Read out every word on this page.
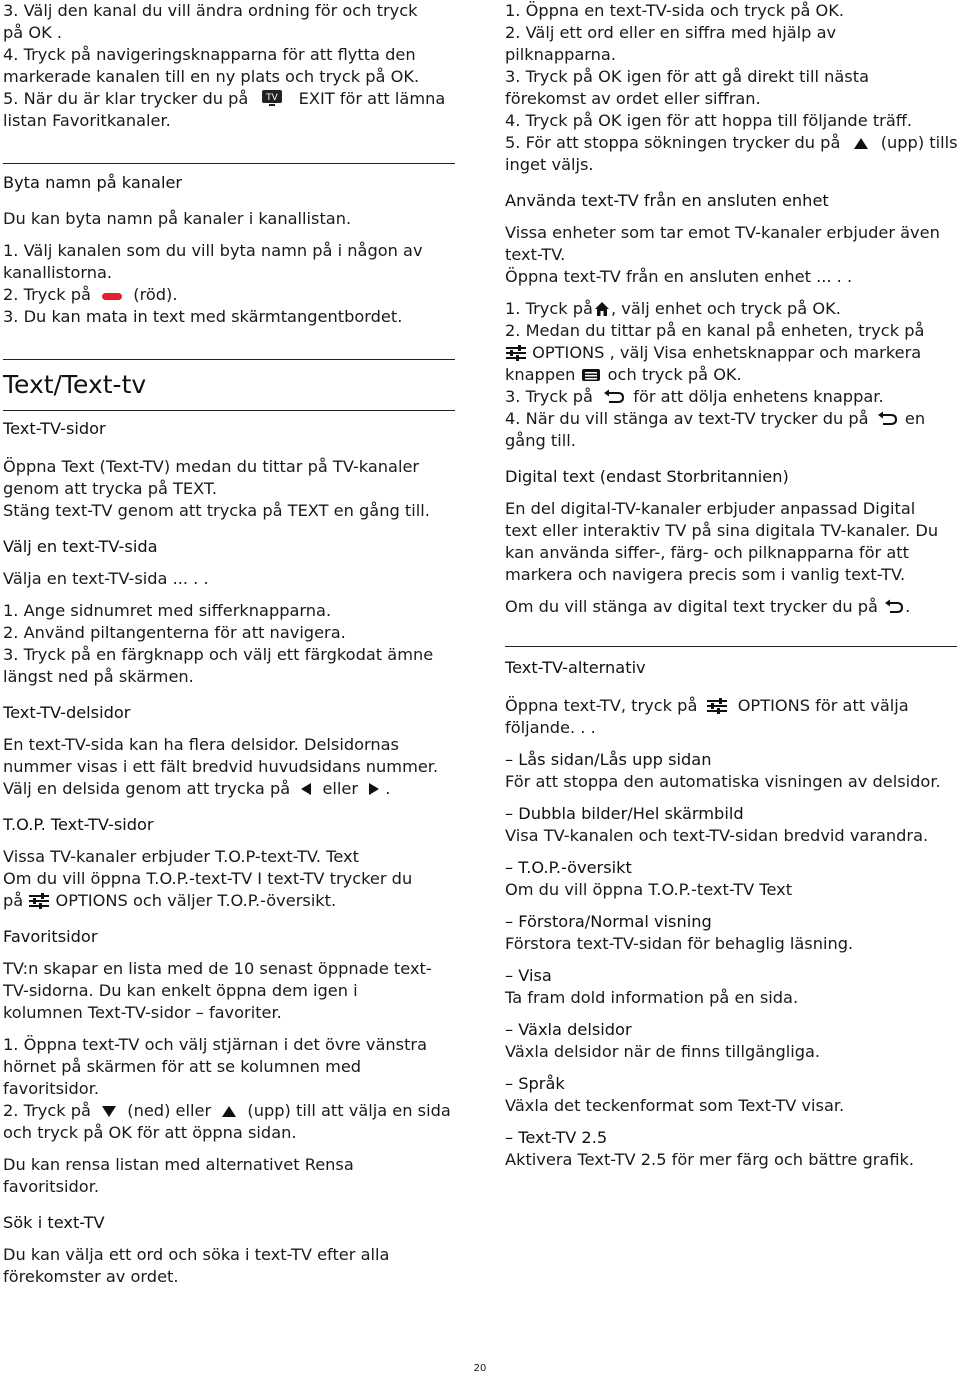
3. Välj den kanal du vill ändra ordning för och tryck
på OK .
4. Tryck på navigeringsknapparna för att flytta den
markerade kanalen till en ny plats och tryck på OK.
5. När du är klar trycker du på TV EXIT för att lämna
listan Favoritkanaler.
Byta namn på kanaler
Du kan byta namn på kanaler i kanallistan.
1. Välj kanalen som du vill byta namn på i någon av
kanallistorna.
2. Tryck på	(röd).
3. Du kan mata in text med skärmtangentbordet.
Text/Text-tv
Text-TV-sidor
Öppna Text (Text-TV) medan du tittar på TV-kanaler
genom att trycka på TEXT.
Stäng text-TV genom att trycka på TEXT en gång till.
Välj en text-TV-sida
Välja en text-TV-sida ... . .
1. Ange sidnumret med sifferknapparna.
2. Använd piltangenterna för att navigera.
3. Tryck på en färgknapp och välj ett färgkodat ämne
längst ned på skärmen.
Text-TV-delsidor
En text-TV-sida kan ha flera delsidor. Delsidornas
nummer visas i ett fält bredvid huvudsidans nummer.
Välj en delsida genom att trycka på eller .
T.O.P. Text-TV-sidor
Vissa TV-kanaler erbjuder T.O.P-text-TV. Text
Om du vill öppna T.O.P.-text-TV I text-TV trycker du
på OPTIONS och väljer T.O.P.-översikt.
Favoritsidor
TV:n skapar en lista med de 10 senast öppnade text-
TV-sidorna. Du kan enkelt öppna dem igen i
kolumnen Text-TV-sidor – favoriter.
1. Öppna text-TV och välj stjärnan i det övre vänstra
hörnet på skärmen för att se kolumnen med
favoritsidor.
2. Tryck på (ned) eller (upp) till att välja en sida
och tryck på OK för att öppna sidan.
Du kan rensa listan med alternativet Rensa
favoritsidor.
Sök i text-TV
Du kan välja ett ord och söka i text-TV efter alla
förekomster av ordet.
1. Öppna en text-TV-sida och tryck på OK.
2. Välj ett ord eller en siffra med hjälp av
pilknapparna.
3. Tryck på OK igen för att gå direkt till nästa
förekomst av ordet eller siffran.
4. Tryck på OK igen för att hoppa till följande träff.
5. För att stoppa sökningen trycker du på (upp) tills
inget väljs.
Använda text-TV från en ansluten enhet
Vissa enheter som tar emot TV-kanaler erbjuder även
text-TV.
Öppna text-TV från en ansluten enhet ... . .
1. Tryck på , välj enhet och tryck på OK.
2. Medan du tittar på en kanal på enheten, tryck på
OPTIONS , välj Visa enhetsknappar och markera
knappen och tryck på OK.
3. Tryck på för att dölja enhetens knappar.
4. När du vill stänga av text-TV trycker du på en
gång till.
Digital text (endast Storbritannien)
En del digital-TV-kanaler erbjuder anpassad Digital
text eller interaktiv TV på sina digitala TV-kanaler. Du
kan använda siffer-, färg- och pilknapparna för att
markera och navigera precis som i vanlig text-TV.
Om du vill stänga av digital text trycker du på .
Text-TV-alternativ
Öppna text-TV, tryck på OPTIONS för att välja
följande. . .
– Lås sidan/Lås upp sidan
För att stoppa den automatiska visningen av delsidor.
– Dubbla bilder/Hel skärmbild
Visa TV-kanalen och text-TV-sidan bredvid varandra.
– T.O.P.-översikt
Om du vill öppna T.O.P.-text-TV Text
– Förstora/Normal visning
Förstora text-TV-sidan för behaglig läsning.
– Visa
Ta fram dold information på en sida.
– Växla delsidor
Växla delsidor när de finns tillgängliga.
– Språk
Växla det teckenformat som Text-TV visar.
– Text-TV 2.5
Aktivera Text-TV 2.5 för mer färg och bättre grafik.
20
